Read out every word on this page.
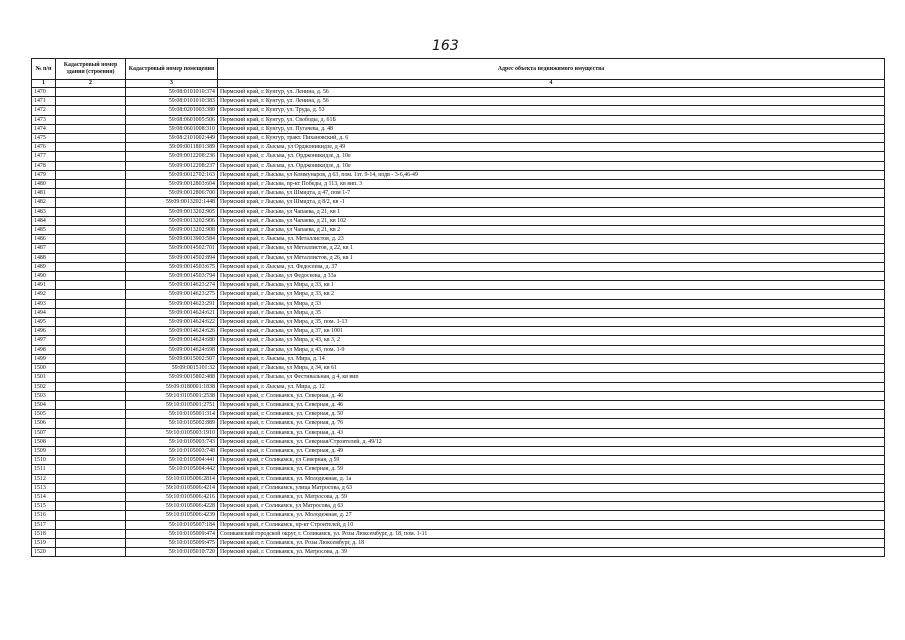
163
№ п/п	Кадастровый номер здания (строения)	Кадастровый номер помещения	Адрес объекта недвижимого имущества
1	2	3	4
1470		59:08:0101010:374	Пермский край, г. Кунгур, ул. Ленина, д. 56
1471		59:08:0101010:383	Пермский край, г. Кунгур, ул. Ленина, д. 56
1472		59:08:0201003:380	Пермский край, г. Кунгур, ул. Труда, д. 53
1473		59:08:0601005:506	Пермский край, г. Кунгур, ул. Свободы, д. 61Б
1474		59:08:0601008:310	Пермский край, г. Кунгур, ул. Пугачева, д. 48
1475		59:08:2101002:449	Пермский край, г. Кунгур, тракт. Пихановский, д. 6
1476		59:09:0011801:389	Пермский край, г. Лысьва, ул Орджоникидзе, д 49
1477		59:09:0012208:236	Пермский край, г. Лысьва, ул. Орджоникидзе, д. 10е
1478		59:09:0012208:237	Пермский край, г. Лысьва, ул. Орджоникидзе, д. 10е
1479		59:09:0012702:163	Пермский край, г Лысьва, ул Коммунаров, д 63, пом. 1эт. 9-14, подв - 3-6,46-49
1480		59:09:0012803:604	Пермский край, г Лысьва, пр-кт Победы, д 113, кв вип. 3
1481		59:09:0012806:700	Пермский край, г Лысьва, ул Шмидта, д 47, пом 1-7
1482		59:09:0013202:1448	Пермский край, г Лысьва, ул Шмидта, д 8/2, кв -1
1483		59:09:0013202:905	Пермский край, г Лысьва, ул Чапаева, д 21, кв 1
1484		59:09:0013202:906	Пермский край, г Лысьва, ул Чапаева, д 21, кв 102
1485		59:09:0013202:908	Пермский край, г Лысьва, ул Чапаева, д 21, кв 2
1486		59:09:0013903:584	Пермский край, г. Лысьва, ул. Металлистов, д. 23
1487		59:09:0014502:701	Пермский край, г Лысьва, ул Металлистов, д 22, кв 1
1488		59:09:0014502:894	Пермский край, г Лысьва, ул Металлистов, д 26, кв 1
1489		59:09:0014503:675	Пермский край, г. Лысьва, ул. Федосеева, д. 37
1490		59:09:0014503:794	Пермский край, г Лысьва, ул Федосеева, д 33а
1491		59:09:0014623:274	Пермский край, г Лысьва, ул Мира, д 33, кв 1
1492		59:09:0014623:275	Пермский край, г Лысьва, ул Мира, д 33, кв 2
1493		59:09:0014623:291	Пермский край, г Лысьва, ул Мира, д 33
1494		59:09:0014624:621	Пермский край, г Лысьва, ул Мира, д 35
1495		59:09:0014624:622	Пермский край, г Лысьва, ул Мира, д 35, пом. 1-13
1496		59:09:0014624:626	Пермский край, г Лысьва, ул Мира, д 37, кв 1001
1497		59:09:0014624:680	Пермский край, г Лысьва, ул Мира, д 43, кв 3, 2
1498		59:09:0014624:698	Пермский край, г Лысьва, ул Мира, д 43, пом. 1-9
1499		59:09:0015002:507	Пермский край, г. Лысьва, ул. Мира, д. 14
1500		59:09:0015101:32	Пермский край, г Лысьва, ул Мира, д 34, кв 61
1501		59:09:0015802:488	Пермский край, г Лысьва, ул Фестивальная, д 4, кв вип
1502		59:09:0180001:1838	Пермский край, г. Лысьва, ул. Мира, д. 12
1503		59:10:0105001:2538	Пермский край, г. Соликамск, ул. Северная, д. 46
1504		59:10:0105001:2751	Пермский край, г. Соликамск, ул. Северная, д. 46
1505		59:10:0105001:314	Пермский край, г. Соликамск, ул. Северная, д. 50
1506		59:10:0105002:889	Пермский край, г. Соликамск, ул. Северная, д. 76
1507		59:10:0105003:1910	Пермский край, г. Соликамск, ул. Северная, д. 43
1508		59:10:0105003:743	Пермский край, г. Соликамск, ул. Северная/Строителей, д. 49/12
1509		59:10:0105003:748	Пермский край, г. Соликамск, ул. Северная, д. 49
1510		59:10:0105004:441	Пермский край, г Соликамск, ул Северная, д 59
1511		59:10:0105004:442	Пермский край, г. Соликамск, ул. Северная, д. 59
1512		59:10:0105006:2814	Пермский край, г. Соликамск, ул. Молодежная, д. 1а
1513		59:10:0105006:4214	Пермский край, г Соликамск, улица Матросова, д 63
1514		59:10:0105006:4216	Пермский край, г. Соликамск, ул. Матросова, д. 59
1515		59:10:0105006:4228	Пермский край, г Соликамск, ул Матросова, д 63
1516		59:10:0105006:4239	Пермский край, г. Соликамск, ул. Молодежная, д. 27
1517		59:10:0105007:184	Пермский край, г Соликамск, пр-кт Строителей, д 10
1518		59:10:0105009:474	Соликамский городской округ, г. Соликамск, ул. Розы Люксембург, д. 18, пом. 1-11
1519		59:10:0105009:475	Пермский край, г. Соликамск, ул. Розы Люксембург, д. 18
1520		59:10:0105010:720	Пермский край, г. Соликамск, ул. Матросова, д. 39
